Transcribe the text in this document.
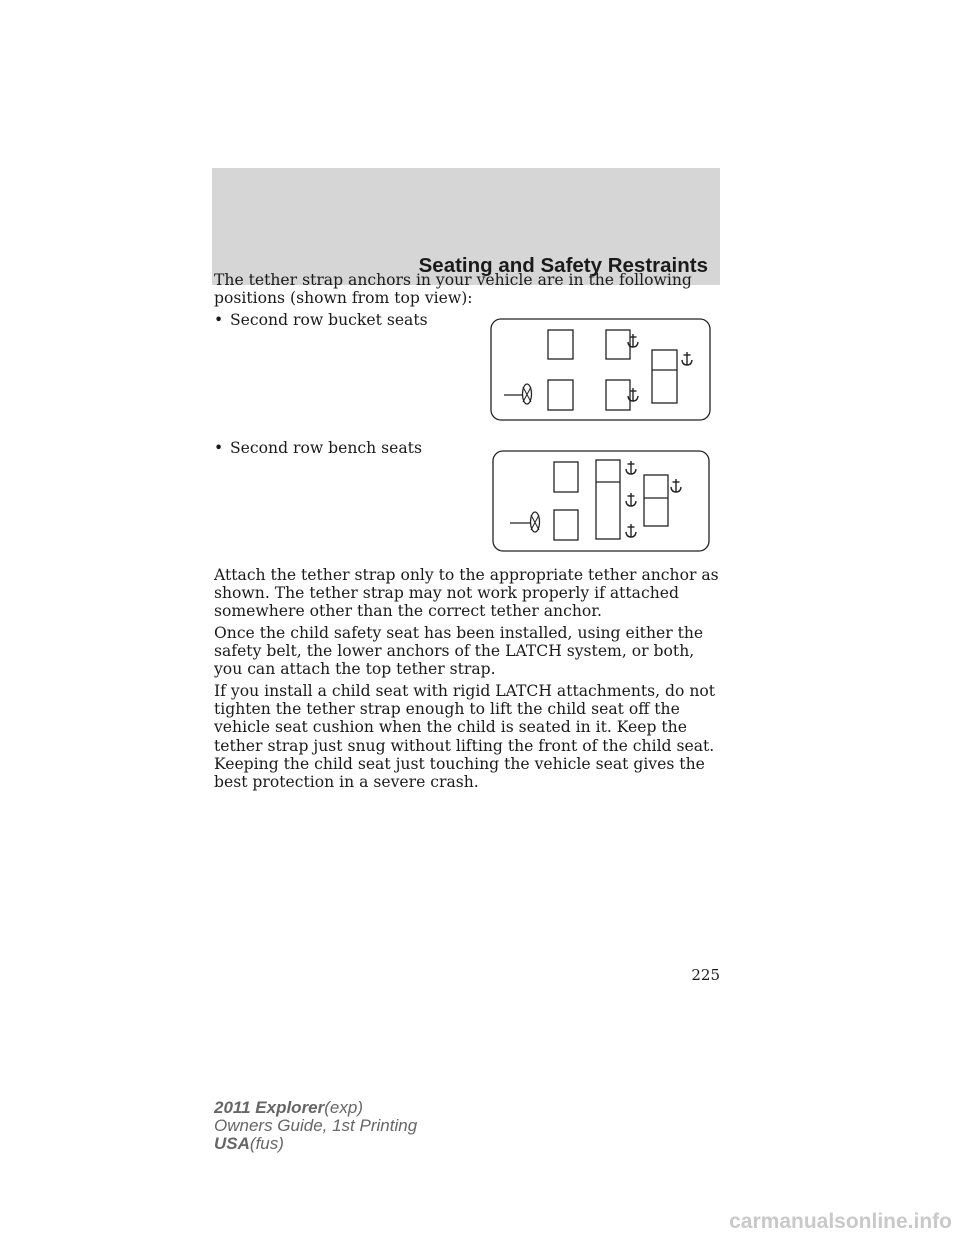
Seating and Safety Restraints

The tether strap anchors in your vehicle are in the following positions (shown from top view):

• Second row bucket seats
• Second row bench seats

Attach the tether strap only to the appropriate tether anchor as shown. The tether strap may not work properly if attached somewhere other than the correct tether anchor.

Once the child safety seat has been installed, using either the safety belt, the lower anchors of the LATCH system, or both, you can attach the top tether strap.

If you install a child seat with rigid LATCH attachments, do not tighten the tether strap enough to lift the child seat off the vehicle seat cushion when the child is seated in it. Keep the tether strap just snug without lifting the front of the child seat. Keeping the child seat just touching the vehicle seat gives the best protection in a severe crash.

225
2011 Explorer(exp)
Owners Guide, 1st Printing
USA(fus)
carmanualsonline.info
